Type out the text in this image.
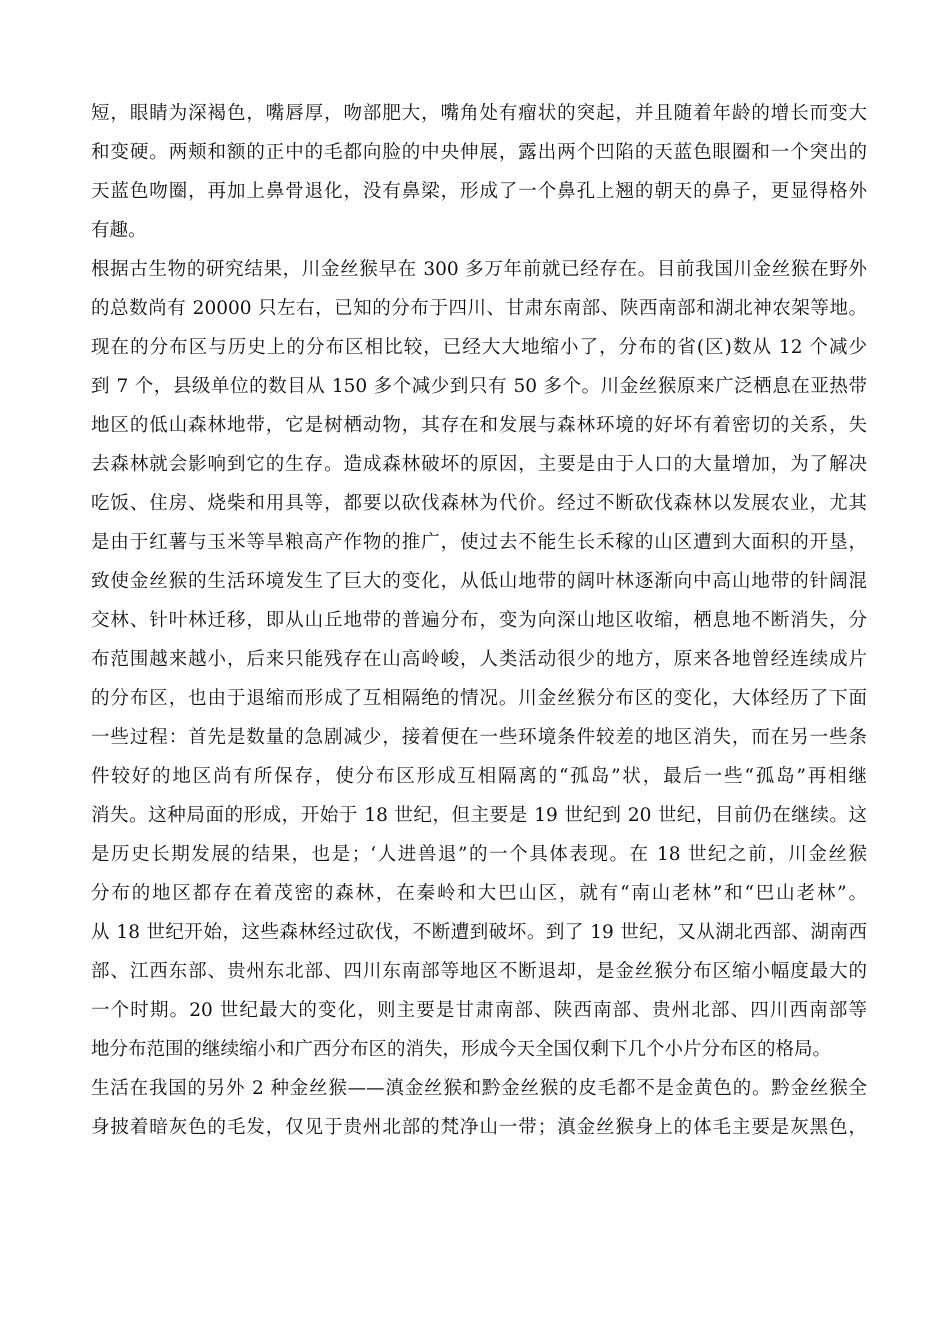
短，眼睛为深褐色，嘴唇厚，吻部肥大，嘴角处有瘤状的突起，并且随着年龄的增长而变大
和变硬。两颊和额的正中的毛都向脸的中央伸展，露出两个凹陷的天蓝色眼圈和一个突出的
天蓝色吻圈，再加上鼻骨退化，没有鼻梁，形成了一个鼻孔上翘的朝天的鼻子，更显得格外
有趣。
根据古生物的研究结果，川金丝猴早在 300 多万年前就已经存在。目前我国川金丝猴在野外
的总数尚有 20000 只左右，已知的分布于四川、甘肃东南部、陕西南部和湖北神农架等地。
现在的分布区与历史上的分布区相比较，已经大大地缩小了，分布的省(区)数从 12 个减少
到 7 个，县级单位的数目从 150 多个减少到只有 50 多个。川金丝猴原来广泛栖息在亚热带
地区的低山森林地带，它是树栖动物，其存在和发展与森林环境的好坏有着密切的关系，失
去森林就会影响到它的生存。造成森林破坏的原因，主要是由于人口的大量增加，为了解决
吃饭、住房、烧柴和用具等，都要以砍伐森林为代价。经过不断砍伐森林以发展农业，尤其
是由于红薯与玉米等旱粮高产作物的推广，使过去不能生长禾稼的山区遭到大面积的开垦，
致使金丝猴的生活环境发生了巨大的变化，从低山地带的阔叶林逐渐向中高山地带的针阔混
交林、针叶林迁移，即从山丘地带的普遍分布，变为向深山地区收缩，栖息地不断消失，分
布范围越来越小，后来只能残存在山高岭峻，人类活动很少的地方，原来各地曾经连续成片
的分布区，也由于退缩而形成了互相隔绝的情况。川金丝猴分布区的变化，大体经历了下面
一些过程：首先是数量的急剧减少，接着便在一些环境条件较差的地区消失，而在另一些条
件较好的地区尚有所保存，使分布区形成互相隔离的“孤岛”状，最后一些“孤岛”再相继
消失。这种局面的形成，开始于 18 世纪，但主要是 19 世纪到 20 世纪，目前仍在继续。这
是历史长期发展的结果，也是；‘人进兽退”的一个具体表现。在 18 世纪之前，川金丝猴
分布的地区都存在着茂密的森林，在秦岭和大巴山区，就有“南山老林”和“巴山老林”。
从 18 世纪开始，这些森林经过砍伐，不断遭到破坏。到了 19 世纪，又从湖北西部、湖南西
部、江西东部、贵州东北部、四川东南部等地区不断退却，是金丝猴分布区缩小幅度最大的
一个时期。20 世纪最大的变化，则主要是甘肃南部、陕西南部、贵州北部、四川西南部等
地分布范围的继续缩小和广西分布区的消失，形成今天全国仅剩下几个小片分布区的格局。
生活在我国的另外 2 种金丝猴——滇金丝猴和黔金丝猴的皮毛都不是金黄色的。黔金丝猴全
身披着暗灰色的毛发，仅见于贵州北部的梵净山一带；滇金丝猴身上的体毛主要是灰黑色，
